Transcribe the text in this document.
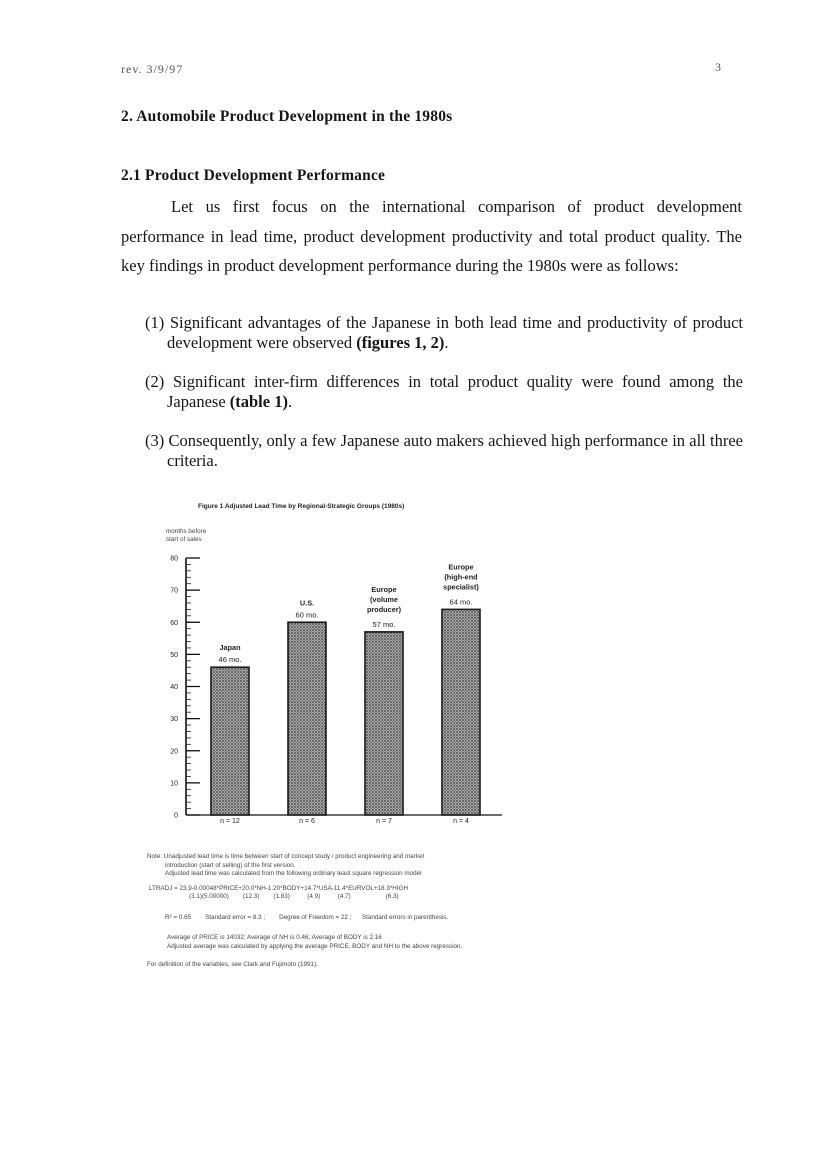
rev. 3/9/97	3
2. Automobile Product Development in the 1980s
2.1 Product Development Performance
Let us first focus on the international comparison of product development performance in lead time, product development productivity and total product quality. The key findings in product development performance during the 1980s were as follows:
(1) Significant advantages of the Japanese in both lead time and productivity of product development were observed (figures 1, 2).
(2) Significant inter-firm differences in total product quality were found among the Japanese (table 1).
(3) Consequently, only a few Japanese auto makers achieved high performance in all three criteria.
Figure 1 Adjusted Lead Time by Regional-Strategic Groups (1980s)
months before
start of sales
0
10
20
30
40
50
60
70
80
46 mo.
Japan
n = 12
60 mo.
U.S.
n = 6
57 mo.
Europe
(volume
producer)
n = 7
64 mo.
Europe
(high-end
specialist)
n = 4
Note: Unadjusted lead time is time between start of concept study / product engineering and market
introduction (start of selling) of the first version.
Adjusted lead time was calculated from the following ordinary least square regression model
LTRADJ = 23.9-0.00048*PRICE+20.0*NH-1.20*BODY+14.7*USA-11.4*EURVOL+18.3*HIGH
(3.1)(5.00000)        (12.3)        (1.83)          (4.9)          (4.7)                    (6.3)
R² = 0.65        Standard error = 8.3 ;        Degree of Freedom = 22 ;      Standard errors in parenthesis.
Average of PRICE is 14032; Average of NH is 0.46; Average of BODY is 2.16
Adjusted average was calculated by applying the average PRICE, BODY and NH to the above regression.
For definition of the variables, see Clark and Fujimoto (1991).
